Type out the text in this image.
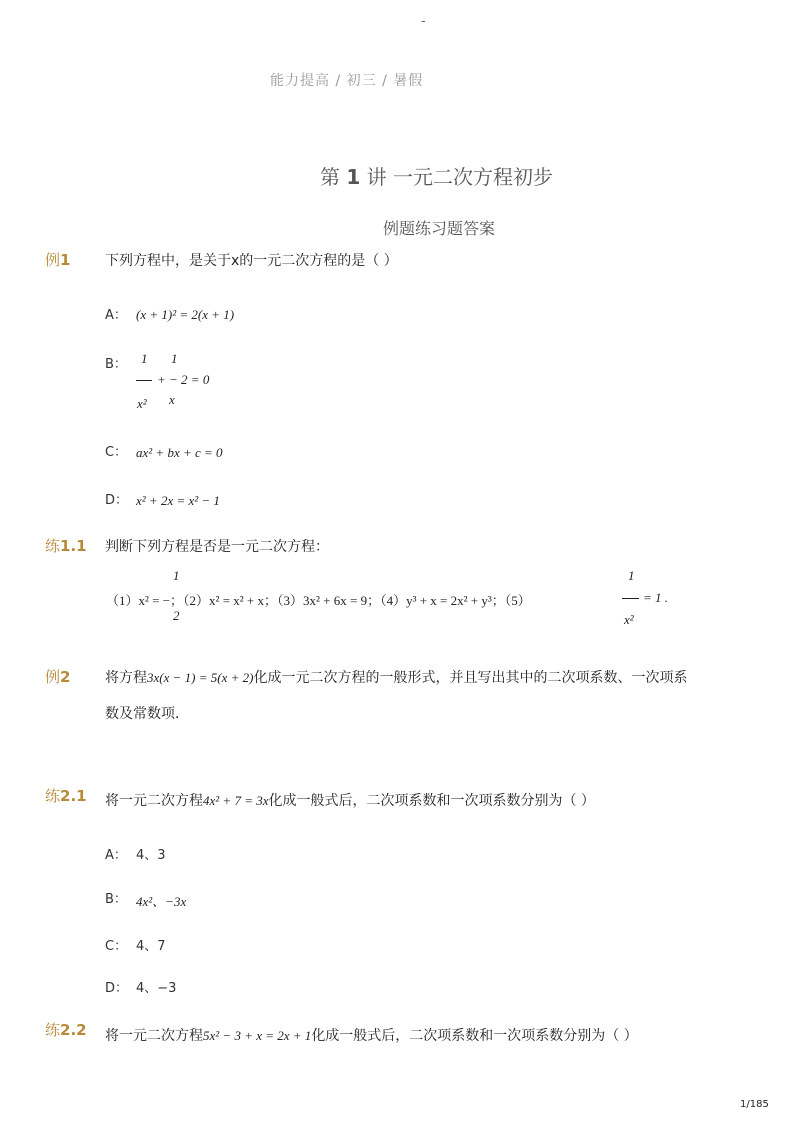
-
能力提高 / 初三 / 暑假
第 1 讲 一元二次方程初步
例题练习题答案
例1 下列方程中，是关于x的一元二次方程的是（ ）
A： (x + 1)² = 2(x + 1)
B： 1 1
+ − 2 = 0
x² x
C： ax² + bx + c = 0
D： x² + 2x = x² − 1
练1.1 判断下列方程是否是一元二次方程：
1
2
（1）x² = −；（2）x² = x² + x；（3）3x² + 6x = 9；（4）y³ + x = 2x² + y³；（5）
1
x²
= 1 .
例2 将方程3x(x − 1) = 5(x + 2)化成一元二次方程的一般形式，并且写出其中的二次项系数、一次项系
数及常数项．
练2.1 将一元二次方程4x² + 7 = 3x化成一般式后，二次项系数和一次项系数分别为（ ）
A： 4、3
B： 4x²、−3x
C： 4、7
D： 4、−3
练2.2 将一元二次方程5x² − 3 + x = 2x + 1化成一般式后，二次项系数和一次项系数分别为（ ）
1/185
